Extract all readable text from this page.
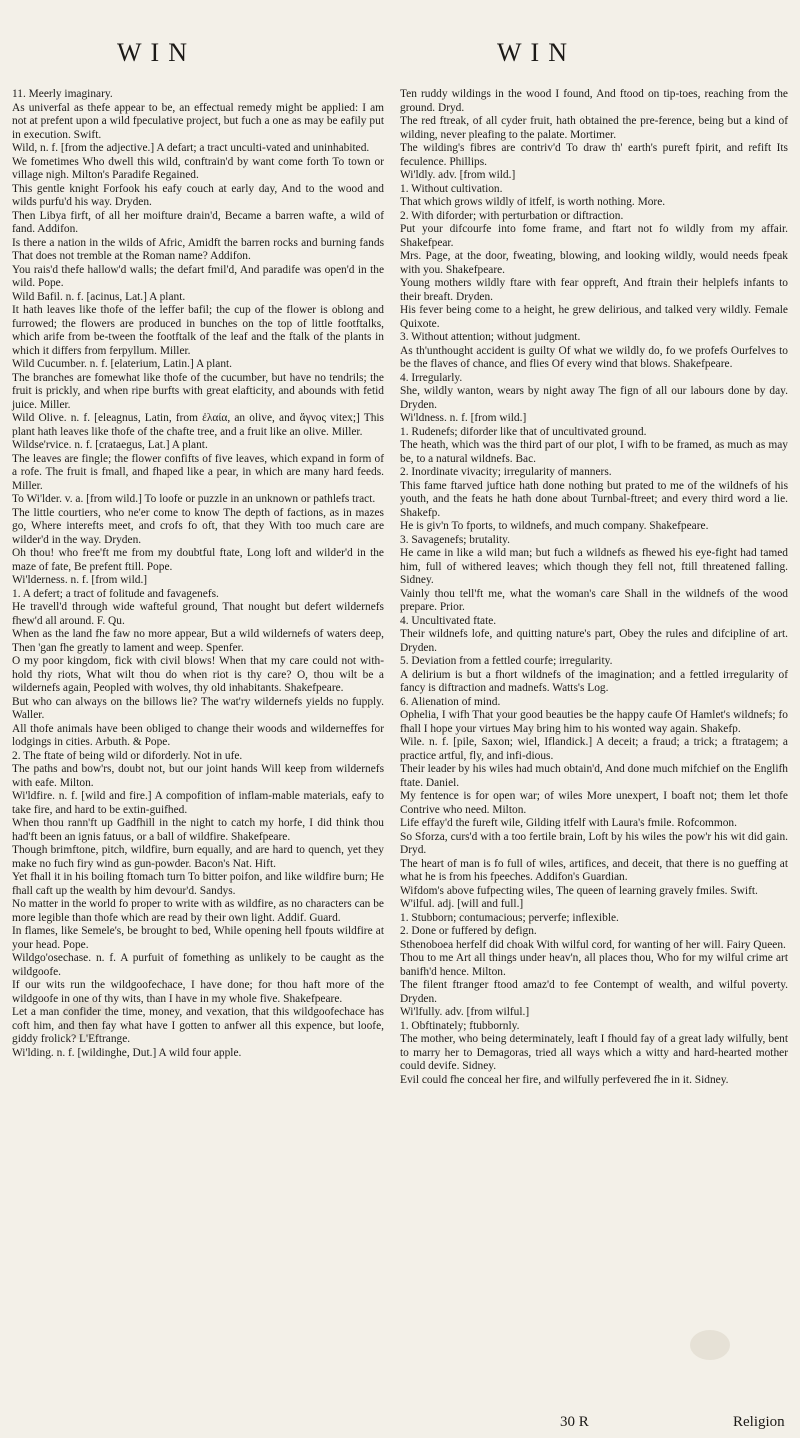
WIN	WIN

11. Meerly imaginary.

As univerfal as thefe appear to be, an effectual remedy might be applied: I am not at prefent upon a wild fpeculative project, but fuch a one as may be eafily put in execution. Swift.

Wild, n. f. [from the adjective.] A defart; a tract unculti-vated and uninhabited.

We fometimes Who dwell this wild, conftrain'd by want come forth To town or village nigh. Milton's Paradife Regained.

This gentle knight Forfook his eafy couch at early day, And to the wood and wilds purfu'd his way. Dryden.

Then Libya firft, of all her moifture drain'd, Became a barren wafte, a wild of fand. Addifon.

Is there a nation in the wilds of Afric, Amidft the barren rocks and burning fands That does not tremble at the Roman name? Addifon.

You rais'd thefe hallow'd walls; the defart fmil'd, And paradife was open'd in the wild. Pope.

Wild Bafil. n. f. [acinus, Lat.] A plant.

It hath leaves like thofe of the leffer bafil; the cup of the flower is oblong and furrowed; the flowers are produced in bunches on the top of little footftalks, which arife from be-tween the footftalk of the leaf and the ftalk of the plants in which it differs from ferpyllum. Miller.

Wild Cucumber. n. f. [elaterium, Latin.] A plant.

The branches are fomewhat like thofe of the cucumber, but have no tendrils; the fruit is prickly, and when ripe burfts with great elafticity, and abounds with fetid juice. Miller.

Wild Olive. n. f. [eleagnus, Latin, from ἐλαία, an olive, and ἄγνος vitex;] This plant hath leaves like thofe of the chafte tree, and a fruit like an olive. Miller.

Wildse'rvice. n. f. [crataegus, Lat.] A plant.

The leaves are fingle; the flower confifts of five leaves, which expand in form of a rofe. The fruit is fmall, and fhaped like a pear, in which are many hard feeds. Miller.

To Wi'lder. v. a. [from wild.] To loofe or puzzle in an unknown or pathlefs tract.

The little courtiers, who ne'er come to know The depth of factions, as in mazes go, Where interefts meet, and crofs fo oft, that they With too much care are wilder'd in the way. Dryden.

Oh thou! who free'ft me from my doubtful ftate, Long loft and wilder'd in the maze of fate, Be prefent ftill. Pope.

Wi'lderness. n. f. [from wild.]

1. A defert; a tract of folitude and favagenefs.

He travell'd through wide wafteful ground, That nought but defert wildernefs fhew'd all around. F. Qu.

When as the land fhe faw no more appear, But a wild wildernefs of waters deep, Then 'gan fhe greatly to lament and weep. Spenfer.

O my poor kingdom, fick with civil blows! When that my care could not with-hold thy riots, What wilt thou do when riot is thy care? O, thou wilt be a wildernefs again, Peopled with wolves, thy old inhabitants. Shakefpeare.

But who can always on the billows lie? The wat'ry wildernefs yields no fupply. Waller.

All thofe animals have been obliged to change their woods and wilderneffes for lodgings in cities. Arbuth. & Pope.

2. The ftate of being wild or diforderly. Not in ufe.

The paths and bow'rs, doubt not, but our joint hands Will keep from wildernefs with eafe. Milton.

Wi'ldfire. n. f. [wild and fire.] A compofition of inflam-mable materials, eafy to take fire, and hard to be extin-guifhed.

When thou rann'ft up Gadfhill in the night to catch my horfe, I did think thou had'ft been an ignis fatuus, or a ball of wildfire. Shakefpeare.

Though brimftone, pitch, wildfire, burn equally, and are hard to quench, yet they make no fuch firy wind as gun-powder. Bacon's Nat. Hift.

Yet fhall it in his boiling ftomach turn To bitter poifon, and like wildfire burn; He fhall caft up the wealth by him devour'd. Sandys.

No matter in the world fo proper to write with as wildfire, as no characters can be more legible than thofe which are read by their own light. Addif. Guard.

In flames, like Semele's, be brought to bed, While opening hell fpouts wildfire at your head. Pope.

Wildgo'osechase. n. f. A purfuit of fomething as unlikely to be caught as the wildgoofe.

If our wits run the wildgoofechace, I have done; for thou haft more of the wildgoofe in one of thy wits, than I have in my whole five. Shakefpeare.

Let a man confider the time, money, and vexation, that this wildgoofechace has coft him, and then fay what have I gotten to anfwer all this expence, but loofe, giddy frolick? L'Eftrange.

Wi'lding. n. f. [wildinghe, Dut.] A wild four apple.

Ten ruddy wildings in the wood I found, And ftood on tip-toes, reaching from the ground. Dryd.

The red ftreak, of all cyder fruit, hath obtained the pre-ference, being but a kind of wilding, never pleafing to the palate. Mortimer.

The wilding's fibres are contriv'd To draw th' earth's pureft fpirit, and refift Its feculence. Phillips.

Wi'ldly. adv. [from wild.]

1. Without cultivation.

That which grows wildly of itfelf, is worth nothing. More.

2. With diforder; with perturbation or diftraction.

Put your difcourfe into fome frame, and ftart not fo wildly from my affair. Shakefpear.

Mrs. Page, at the door, fweating, blowing, and looking wildly, would needs fpeak with you. Shakefpeare.

Young mothers wildly ftare with fear oppreft, And ftrain their helplefs infants to their breaft. Dryden.

His fever being come to a height, he grew delirious, and talked very wildly. Female Quixote.

3. Without attention; without judgment.

As th'unthought accident is guilty Of what we wildly do, fo we profefs Ourfelves to be the flaves of chance, and flies Of every wind that blows. Shakefpeare.

4. Irregularly.

She, wildly wanton, wears by night away The fign of all our labours done by day. Dryden.

Wi'ldness. n. f. [from wild.]

1. Rudenefs; diforder like that of uncultivated ground.

The heath, which was the third part of our plot, I wifh to be framed, as much as may be, to a natural wildnefs. Bac.

2. Inordinate vivacity; irregularity of manners.

This fame ftarved juftice hath done nothing but prated to me of the wildnefs of his youth, and the feats he hath done about Turnbal-ftreet; and every third word a lie. Shakefp.

He is giv'n To fports, to wildnefs, and much company. Shakefpeare.

3. Savagenefs; brutality.

He came in like a wild man; but fuch a wildnefs as fhewed his eye-fight had tamed him, full of withered leaves; which though they fell not, ftill threatened falling. Sidney.

Vainly thou tell'ft me, what the woman's care Shall in the wildnefs of the wood prepare. Prior.

4. Uncultivated ftate.

Their wildnefs lofe, and quitting nature's part, Obey the rules and difcipline of art. Dryden.

5. Deviation from a fettled courfe; irregularity.

A delirium is but a fhort wildnefs of the imagination; and a fettled irregularity of fancy is diftraction and madnefs. Watts's Log.

6. Alienation of mind.

Ophelia, I wifh That your good beauties be the happy caufe Of Hamlet's wildnefs; fo fhall I hope your virtues May bring him to his wonted way again. Shakefp.

Wile. n. f. [pile, Saxon; wiel, Iflandick.] A deceit; a fraud; a trick; a ftratagem; a practice artful, fly, and infi-dious.

Their leader by his wiles had much obtain'd, And done much mifchief on the Englifh ftate. Daniel.

My fentence is for open war; of wiles More unexpert, I boaft not; them let thofe Contrive who need. Milton.

Life effay'd the fureft wile, Gilding itfelf with Laura's fmile. Rofcommon.

So Sforza, curs'd with a too fertile brain, Loft by his wiles the pow'r his wit did gain. Dryd.

The heart of man is fo full of wiles, artifices, and deceit, that there is no gueffing at what he is from his fpeeches. Addifon's Guardian.

Wifdom's above fufpecting wiles, The queen of learning gravely fmiles. Swift.

W'ilful. adj. [will and full.]

1. Stubborn; contumacious; perverfe; inflexible.

2. Done or fuffered by defign.

Sthenoboea herfelf did choak With wilful cord, for wanting of her will. Fairy Queen.

Thou to me Art all things under heav'n, all places thou, Who for my wilful crime art banifh'd hence. Milton.

The filent ftranger ftood amaz'd to fee Contempt of wealth, and wilful poverty. Dryden.

Wi'lfully. adv. [from wilful.]

1. Obftinately; ftubbornly.

The mother, who being determinately, leaft I fhould fay of a great lady wilfully, bent to marry her to Demagoras, tried all ways which a witty and hard-hearted mother could devife. Sidney.

Evil could fhe conceal her fire, and wilfully perfevered fhe in it. Sidney.

30 R	Religion
